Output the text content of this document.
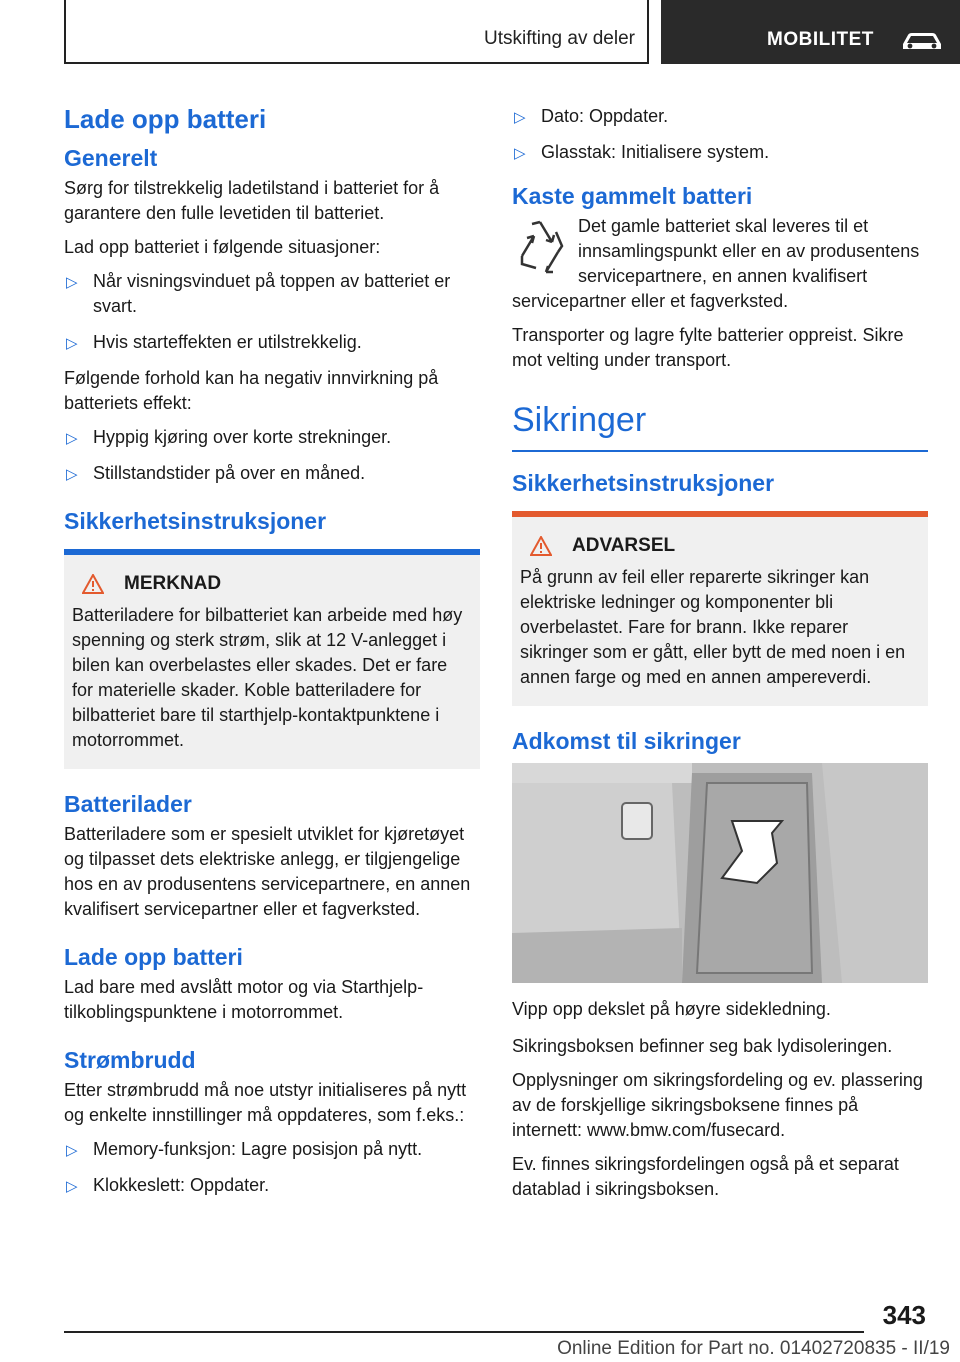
Utskifting av deler	MOBILITET
Lade opp batteri
Generelt

Sørg for tilstrekkelig ladetilstand i batteriet for å garantere den fulle levetiden til batteriet.

Lad opp batteriet i følgende situasjoner:

▷ Når visningsvinduet på toppen av batteriet er svart.
▷ Hvis starteffekten er utilstrekkelig.

Følgende forhold kan ha negativ innvirkning på batteriets effekt:

▷ Hyppig kjøring over korte strekninger.
▷ Stillstandstider på over en måned.
Sikkerhetsinstruksjoner
MERKNAD

Batteriladere for bilbatteriet kan arbeide med høy spenning og sterk strøm, slik at 12 V-anlegget i bilen kan overbelastes eller skades. Det er fare for materielle skader. Koble batteriladere for bilbatteriet bare til starthjelp-kontaktpunktene i motorrommet.

Batterilader

Batteriladere som er spesielt utviklet for kjøretøyet og tilpasset dets elektriske anlegg, er tilgjengelige hos en av produsentens servicepartnere, en annen kvalifisert servicepartner eller et fagverksted.

Lade opp batteri

Lad bare med avslått motor og via Starthjelp-tilkoblingspunktene i motorrommet.

Strømbrudd

Etter strømbrudd må noe utstyr initialiseres på nytt og enkelte innstillinger må oppdateres, som f.eks.:

▷ Memory-funksjon: Lagre posisjon på nytt.
▷ Klokkeslett: Oppdater.
▷ Dato: Oppdater.
▷ Glasstak: Initialisere system.
Kaste gammelt batteri

Det gamle batteriet skal leveres til et innsamlingspunkt eller en av produsentens servicepartnere, en annen kvalifisert servicepartner eller et fagverksted.

Transporter og lagre fylte batterier oppreist. Sikre mot velting under transport.

Sikringer
Sikkerhetsinstruksjoner
ADVARSEL

På grunn av feil eller reparerte sikringer kan elektriske ledninger og komponenter bli overbelastet. Fare for brann. Ikke reparer sikringer som er gått, eller bytt de med noen i en annen farge og med en annen ampereverdi.

Adkomst til sikringer

Vipp opp dekslet på høyre sidekledning.

Sikringsboksen befinner seg bak lydisoleringen.

Opplysninger om sikringsfordeling og ev. plassering av de forskjellige sikringsboksene finnes på internett: www.bmw.com/fusecard.

Ev. finnes sikringsfordelingen også på et separat datablad i sikringsboksen.

343
Online Edition for Part no. 01402720835 - II/19
